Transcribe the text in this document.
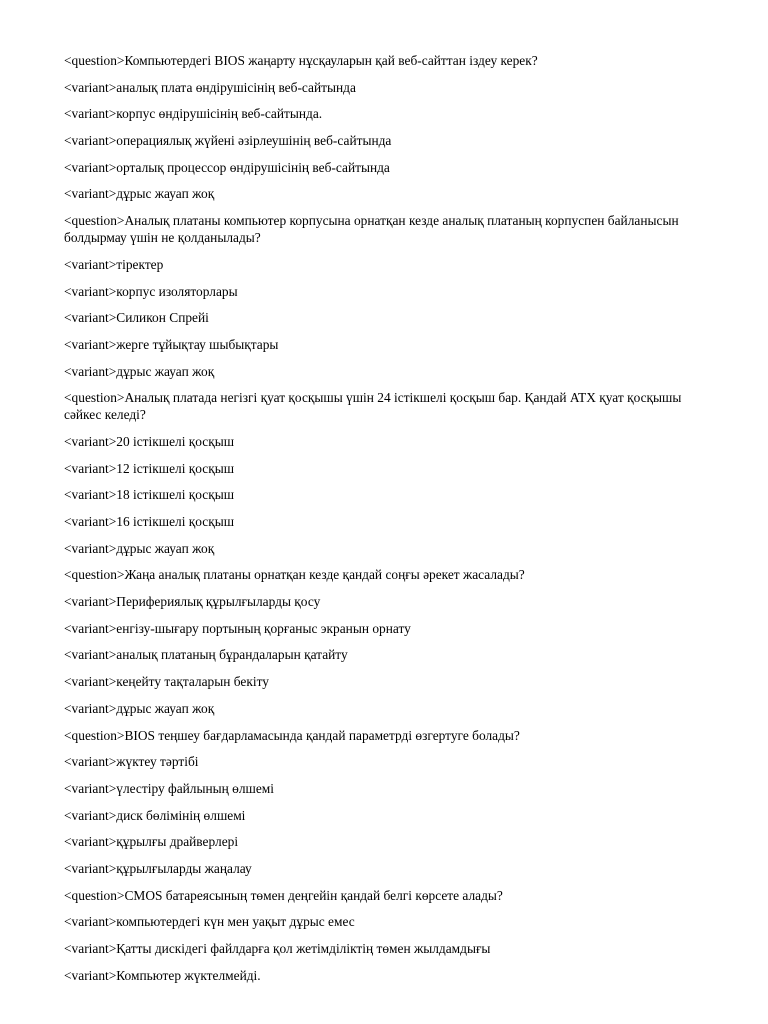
<question>Компьютердегі BIOS жаңарту нұсқауларын қай веб-сайттан іздеу керек?
<variant>аналық плата өндірушісінің веб-сайтында
<variant>корпус өндірушісінің веб-сайтында.
<variant>операциялық жүйені әзірлеушінің веб-сайтында
<variant>орталық процессор өндірушісінің веб-сайтында
<variant>дұрыс жауап жоқ
<question>Аналық платаны компьютер корпусына орнатқан кезде аналық платаның корпуспен байланысын болдырмау үшін не қолданылады?
<variant>тіректер
<variant>корпус изоляторлары
<variant>Силикон Спрейі
<variant>жерге тұйықтау шыбықтары
<variant>дұрыс жауап жоқ
<question>Аналық платада негізгі қуат қосқышы үшін 24 істікшелі қосқыш бар. Қандай ATX қуат қосқышы сәйкес келеді?
<variant>20 істікшелі қосқыш
<variant>12 істікшелі қосқыш
<variant>18 істікшелі қосқыш
<variant>16 істікшелі қосқыш
<variant>дұрыс жауап жоқ
<question>Жаңа аналық платаны орнатқан кезде қандай соңғы әрекет жасалады?
<variant>Перифериялық құрылғыларды қосу
<variant>енгізу-шығару портының қорғаныс экранын орнату
<variant>аналық платаның бұрандаларын қатайту
<variant>кеңейту тақталарын бекіту
<variant>дұрыс жауап жоқ
<question>BIOS теңшеу бағдарламасында қандай параметрді өзгертуге болады?
<variant>жүктеу тәртібі
<variant>үлестіру файлының өлшемі
<variant>диск бөлімінің өлшемі
<variant>құрылғы драйверлері
<variant>құрылғыларды жаңалау
<question>CMOS батареясының төмен деңгейін қандай белгі көрсете алады?
<variant>компьютердегі күн мен уақыт дұрыс емес
<variant>Қатты дискідегі файлдарға қол жетімділіктің төмен жылдамдығы
<variant>Компьютер жүктелмейді.
